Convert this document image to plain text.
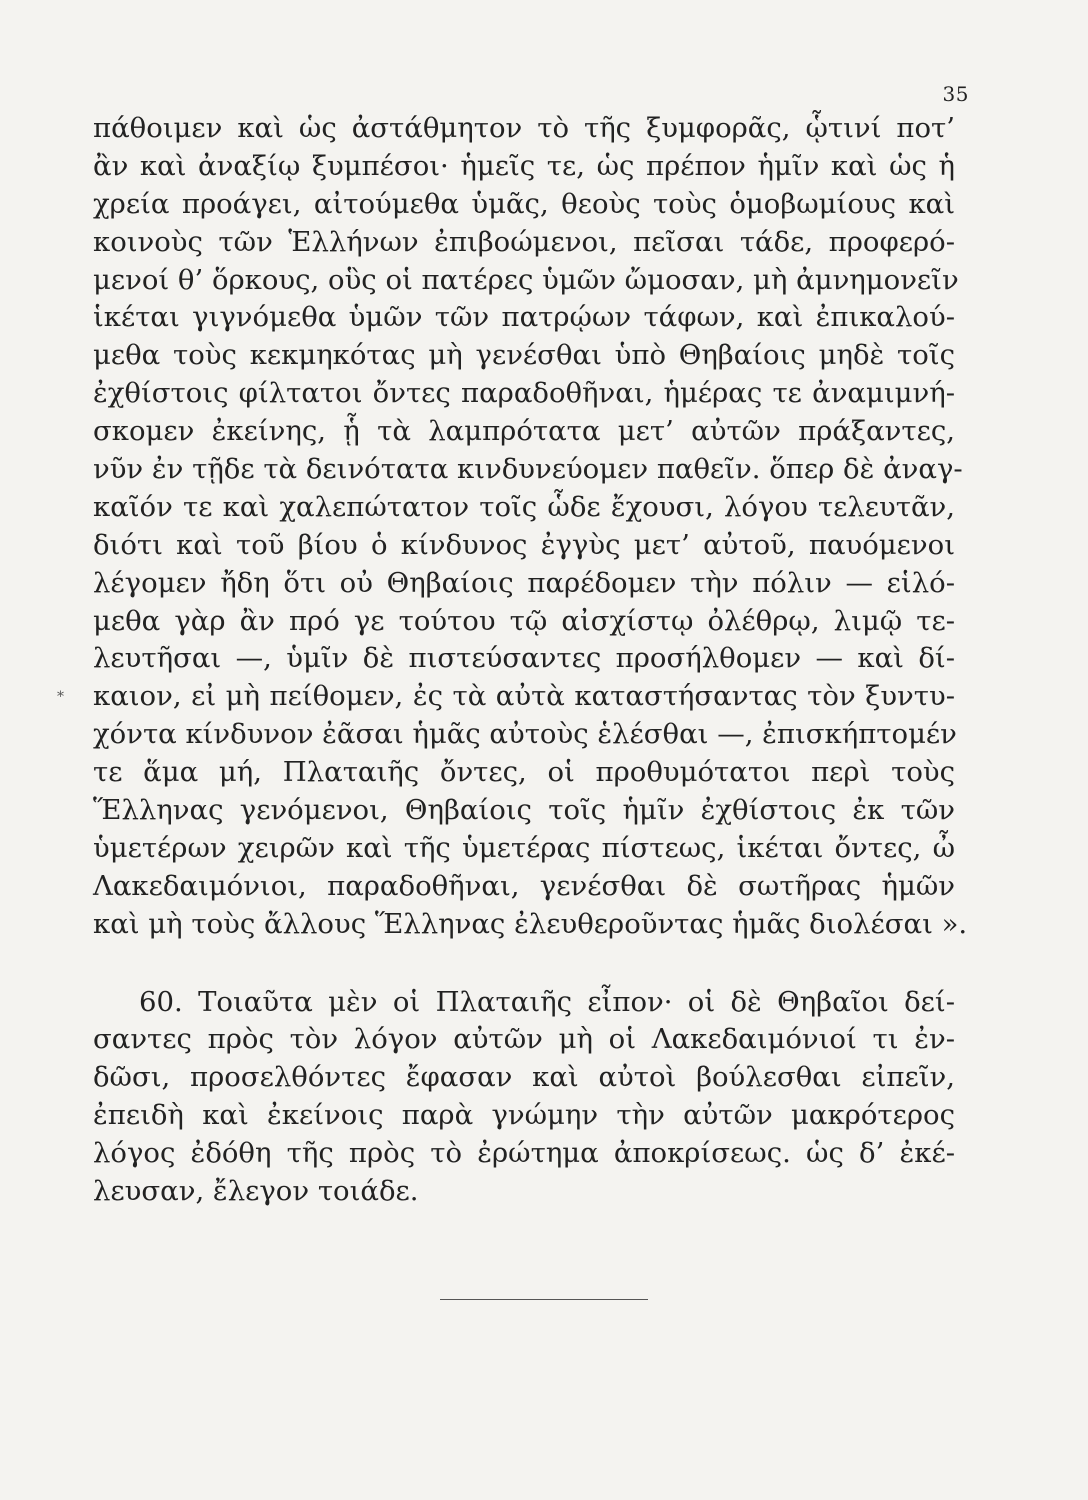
35
*
πάθοιμεν καὶ ὡς ἀστάθμητον τὸ τῆς ξυμφορᾶς, ᾧτινί ποτ’
ἂν καὶ ἀναξίῳ ξυμπέσοι· ἡμεῖς τε, ὡς πρέπον ἡμῖν καὶ ὡς ἡ
χρεία προάγει, αἰτούμεθα ὑμᾶς, θεοὺς τοὺς ὁμοβωμίους καὶ
κοινοὺς τῶν Ἑλλήνων ἐπιβοώμενοι, πεῖσαι τάδε, προφερό-
μενοί θ’ ὅρκους, οὓς οἱ πατέρες ὑμῶν ὤμοσαν, μὴ ἀμνημονεῖν
ἱκέται γιγνόμεθα ὑμῶν τῶν πατρῴων τάφων, καὶ ἐπικαλού-
μεθα τοὺς κεκμηκότας μὴ γενέσθαι ὑπὸ Θηβαίοις μηδὲ τοῖς
ἐχθίστοις φίλτατοι ὄντες παραδοθῆναι, ἡμέρας τε ἀναμιμνή-
σκομεν ἐκείνης, ᾗ τὰ λαμπρότατα μετ’ αὐτῶν πράξαντες,
νῦν ἐν τῇδε τὰ δεινότατα κινδυνεύομεν παθεῖν. ὅπερ δὲ ἀναγ-
καῖόν τε καὶ χαλεπώτατον τοῖς ὧδε ἔχουσι, λόγου τελευτᾶν,
διότι καὶ τοῦ βίου ὁ κίνδυνος ἐγγὺς μετ’ αὐτοῦ, παυόμενοι
λέγομεν ἤδη ὅτι οὐ Θηβαίοις παρέδομεν τὴν πόλιν — εἱλό-
μεθα γὰρ ἂν πρό γε τούτου τῷ αἰσχίστῳ ὀλέθρῳ, λιμῷ τε-
λευτῆσαι —, ὑμῖν δὲ πιστεύσαντες προσήλθομεν — καὶ δί-
καιον, εἰ μὴ πείθομεν, ἐς τὰ αὐτὰ καταστήσαντας τὸν ξυντυ-
χόντα κίνδυνον ἐᾶσαι ἡμᾶς αὐτοὺς ἑλέσθαι —, ἐπισκήπτομέν
τε ἅμα μή, Πλαταιῆς ὄντες, οἱ προθυμότατοι περὶ τοὺς
Ἕλληνας γενόμενοι, Θηβαίοις τοῖς ἡμῖν ἐχθίστοις ἐκ τῶν
ὑμετέρων χειρῶν καὶ τῆς ὑμετέρας πίστεως, ἱκέται ὄντες, ὦ
Λακεδαιμόνιοι, παραδοθῆναι, γενέσθαι δὲ σωτῆρας ἡμῶν
καὶ μὴ τοὺς ἄλλους Ἕλληνας ἐλευθεροῦντας ἡμᾶς διολέσαι ».
60. Τοιαῦτα μὲν οἱ Πλαταιῆς εἶπον· οἱ δὲ Θηβαῖοι δεί-
σαντες πρὸς τὸν λόγον αὐτῶν μὴ οἱ Λακεδαιμόνιοί τι ἐν-
δῶσι, προσελθόντες ἔφασαν καὶ αὐτοὶ βούλεσθαι εἰπεῖν,
ἐπειδὴ καὶ ἐκείνοις παρὰ γνώμην τὴν αὐτῶν μακρότερος
λόγος ἐδόθη τῆς πρὸς τὸ ἐρώτημα ἀποκρίσεως. ὡς δ’ ἐκέ-
λευσαν, ἔλεγον τοιάδε.
